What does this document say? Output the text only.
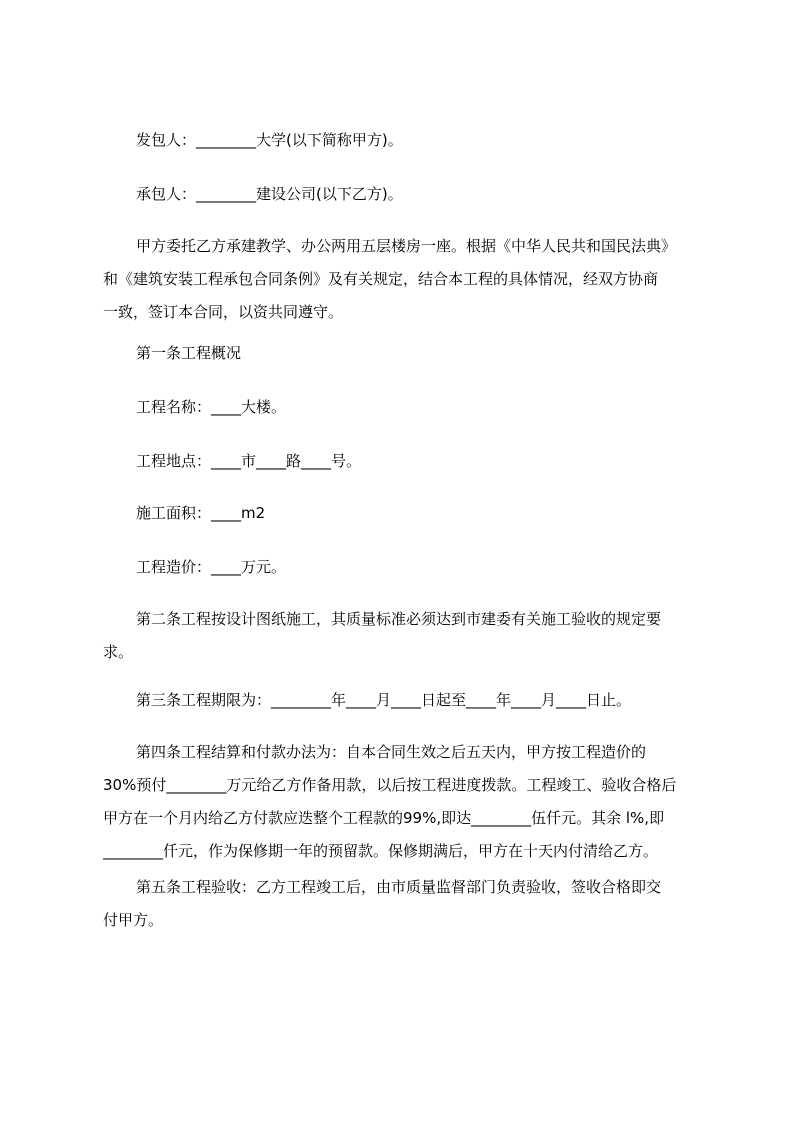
发包人：________大学(以下简称甲方)。

承包人：________建设公司(以下乙方)。

甲方委托乙方承建教学、办公两用五层楼房一座。根据《中华人民共和国民法典》
和《建筑安装工程承包合同条例》及有关规定，结合本工程的具体情况，经双方协商
一致，签订本合同，以资共同遵守。

第一条工程概况

工程名称：____大楼。

工程地点：____市____路____号。

施工面积：____m2

工程造价：____万元。

第二条工程按设计图纸施工，其质量标准必须达到市建委有关施工验收的规定要
求。

第三条工程期限为：________年____月____日起至____年____月____日止。

第四条工程结算和付款办法为：自本合同生效之后五天内，甲方按工程造价的
30%预付________万元给乙方作备用款，以后按工程进度拨款。工程竣工、验收合格后
甲方在一个月内给乙方付款应迭整个工程款的99%,即达________伍仟元。其余 l%,即
________仟元，作为保修期一年的预留款。保修期满后，甲方在十天内付清给乙方。

第五条工程验收：乙方工程竣工后，由市质量监督部门负责验收，签收合格即交
付甲方。
